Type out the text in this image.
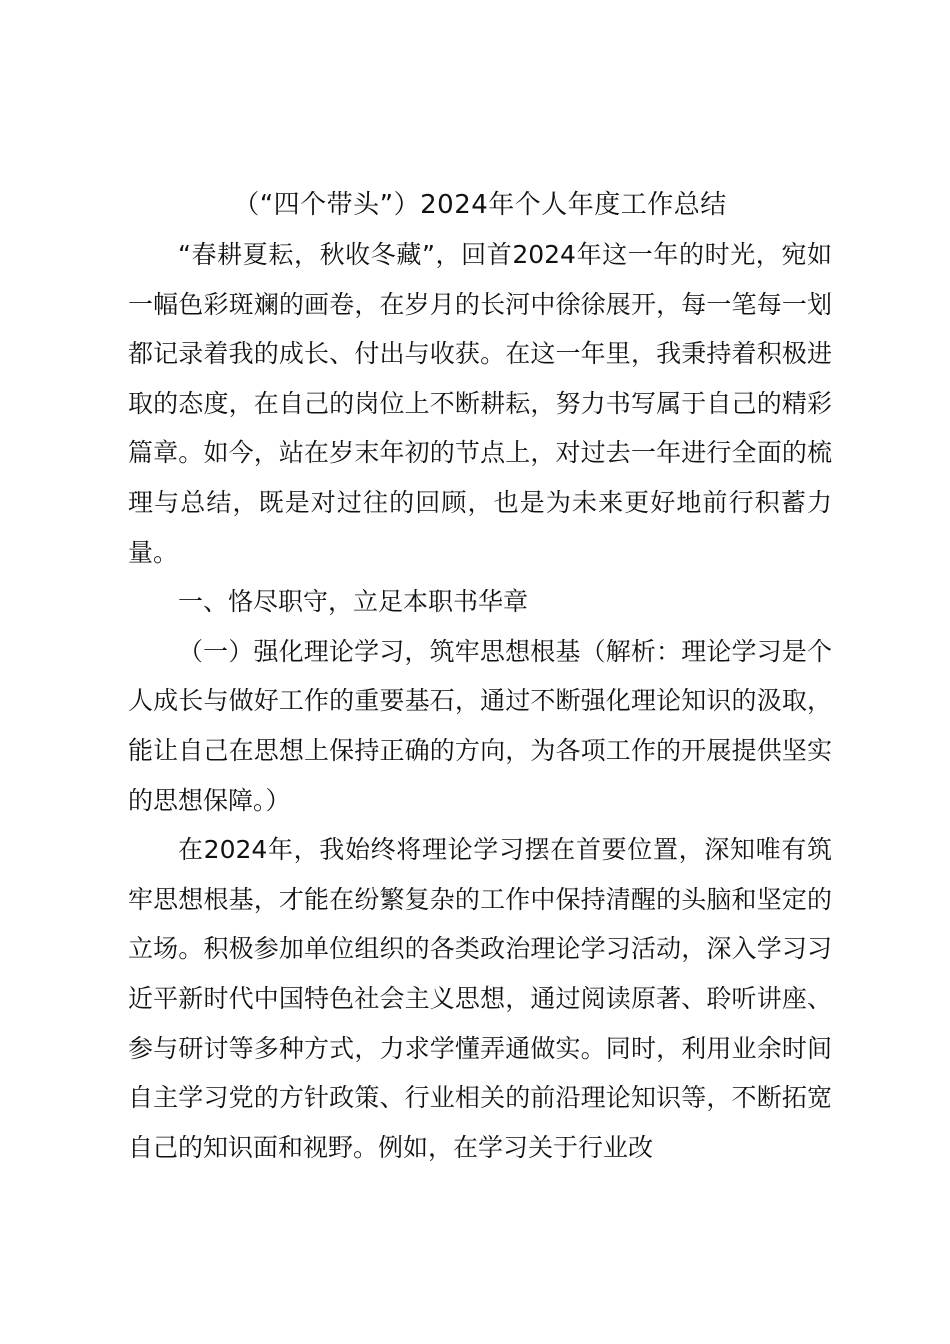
（“四个带头”）2024年个人年度工作总结

“春耕夏耘，秋收冬藏”，回首2024年这一年的时光，宛如一幅色彩斑斓的画卷，在岁月的长河中徐徐展开，每一笔每一划都记录着我的成长、付出与收获。在这一年里，我秉持着积极进取的态度，在自己的岗位上不断耕耘，努力书写属于自己的精彩篇章。如今，站在岁末年初的节点上，对过去一年进行全面的梳理与总结，既是对过往的回顾，也是为未来更好地前行积蓄力量。

一、恪尽职守，立足本职书华章

（一）强化理论学习，筑牢思想根基（解析：理论学习是个人成长与做好工作的重要基石，通过不断强化理论知识的汲取，能让自己在思想上保持正确的方向，为各项工作的开展提供坚实的思想保障。）

在2024年，我始终将理论学习摆在首要位置，深知唯有筑牢思想根基，才能在纷繁复杂的工作中保持清醒的头脑和坚定的立场。积极参加单位组织的各类政治理论学习活动，深入学习习近平新时代中国特色社会主义思想，通过阅读原著、聆听讲座、参与研讨等多种方式，力求学懂弄通做实。同时，利用业余时间自主学习党的方针政策、行业相关的前沿理论知识等，不断拓宽自己的知识面和视野。例如，在学习关于行业改
